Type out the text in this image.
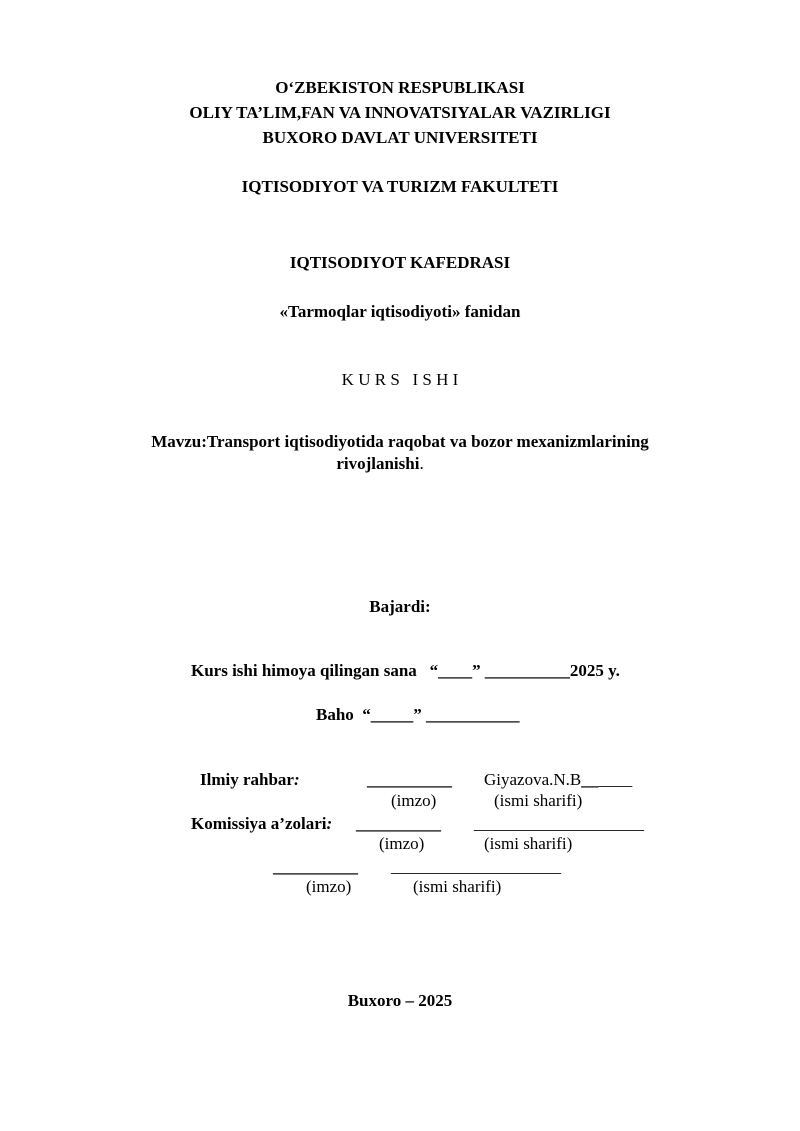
O‘ZBEKISTON RESPUBLIKASI
OLIY TA’LIM,FAN VA INNOVATSIYALAR VAZIRLIGI
BUXORO DAVLAT UNIVERSITETI
IQTISODIYOT VA TURIZM FAKULTETI
IQTISODIYOT KAFEDRASI
«Tarmoqlar iqtisodiyoti» fanidan
K U R S   I S H I
Mavzu:Transport iqtisodiyotida raqobat va bozor mexanizmlarining
rivojlanishi.
Bajardi:
Kurs ishi himoya qilingan sana “____” __________2025 y.
Baho “_____” ___________
Ilmiy rahbar:	__________ Giyazova.N.B______
(imzo)	(ismi sharifi)
Komissiya a’zolari: __________ ____________________
(imzo)	(ismi sharifi)
__________ ____________________
(imzo)	(ismi sharifi)
Buxoro – 2025
